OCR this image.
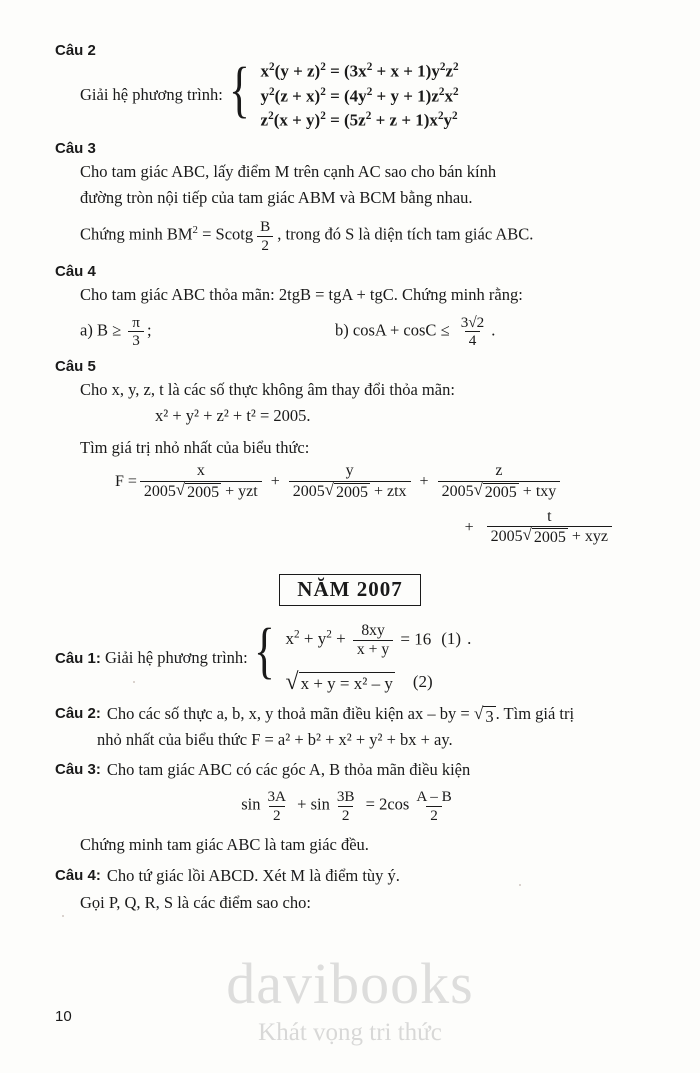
Câu 2
Giải hệ phương trình: { $x^2(y + z)^2 = (3x^2 + x + 1)y^2z^2$
$y^2(z + x)^2 = (4y^2 + y + 1)z^2x^2$
$z^2(x + y)^2 = (5z^2 + z + 1)x^2y^2$
Câu 3
Cho tam giác ABC, lấy điểm M trên cạnh AC sao cho bán kính
đường tròn nội tiếp của tam giác ABM và BCM bằng nhau.
Chứng minh $BM^2 = Scotg \frac{B}{2}$ , trong đó S là diện tích tam giác ABC.
Câu 4
Cho tam giác ABC thỏa mãn: 2tgB = tgA + tgC. Chứng minh rằng:
a) $B \ge \frac{\pi}{3}$ ;	b) $\cos A + \cos C \le \frac{3√2}{4}$ .
Câu 5
Cho x, y, z, t là các số thực không âm thay đổi thỏa mãn:
x² + y² + z² + t² = 2005.
Tìm giá trị nhỏ nhất của biểu thức:
$F = \frac{x}{\text{2005 √ 2005 + yzt}} + \frac{y}{\text{2005 √ 2005 + ztx}} + \frac{z}{\text{2005 √ 2005 + txy}}$
+ $\frac{t}{\text{2005 √ 2005 + xyz}}$
NĂM 2007
Câu 1: Giải hệ phương trình: { $x^2 + y^2 + \frac{8xy}{x + y} = 16$ (1) .
√ x + y = x² – y (2)
Câu 2: Cho các số thực a, b, x, y thoả mãn điều kiện ax – by = √ 3 . Tìm giá trị
nhỏ nhất của biểu thức F = a² + b² + x² + y² + bx + ay.
Câu 3: Cho tam giác ABC có các góc A, B thỏa mãn điều kiện
$\sin \frac{3A}{2} + \sin \frac{3B}{2} = 2\cos \frac{A - B}{2}$
Chứng minh tam giác ABC là tam giác đều.
Câu 4: Cho tứ giác lồi ABCD. Xét M là điểm tùy ý.
Gọi P, Q, R, S là các điểm sao cho:
10
davibooks
Khát vọng tri thức
